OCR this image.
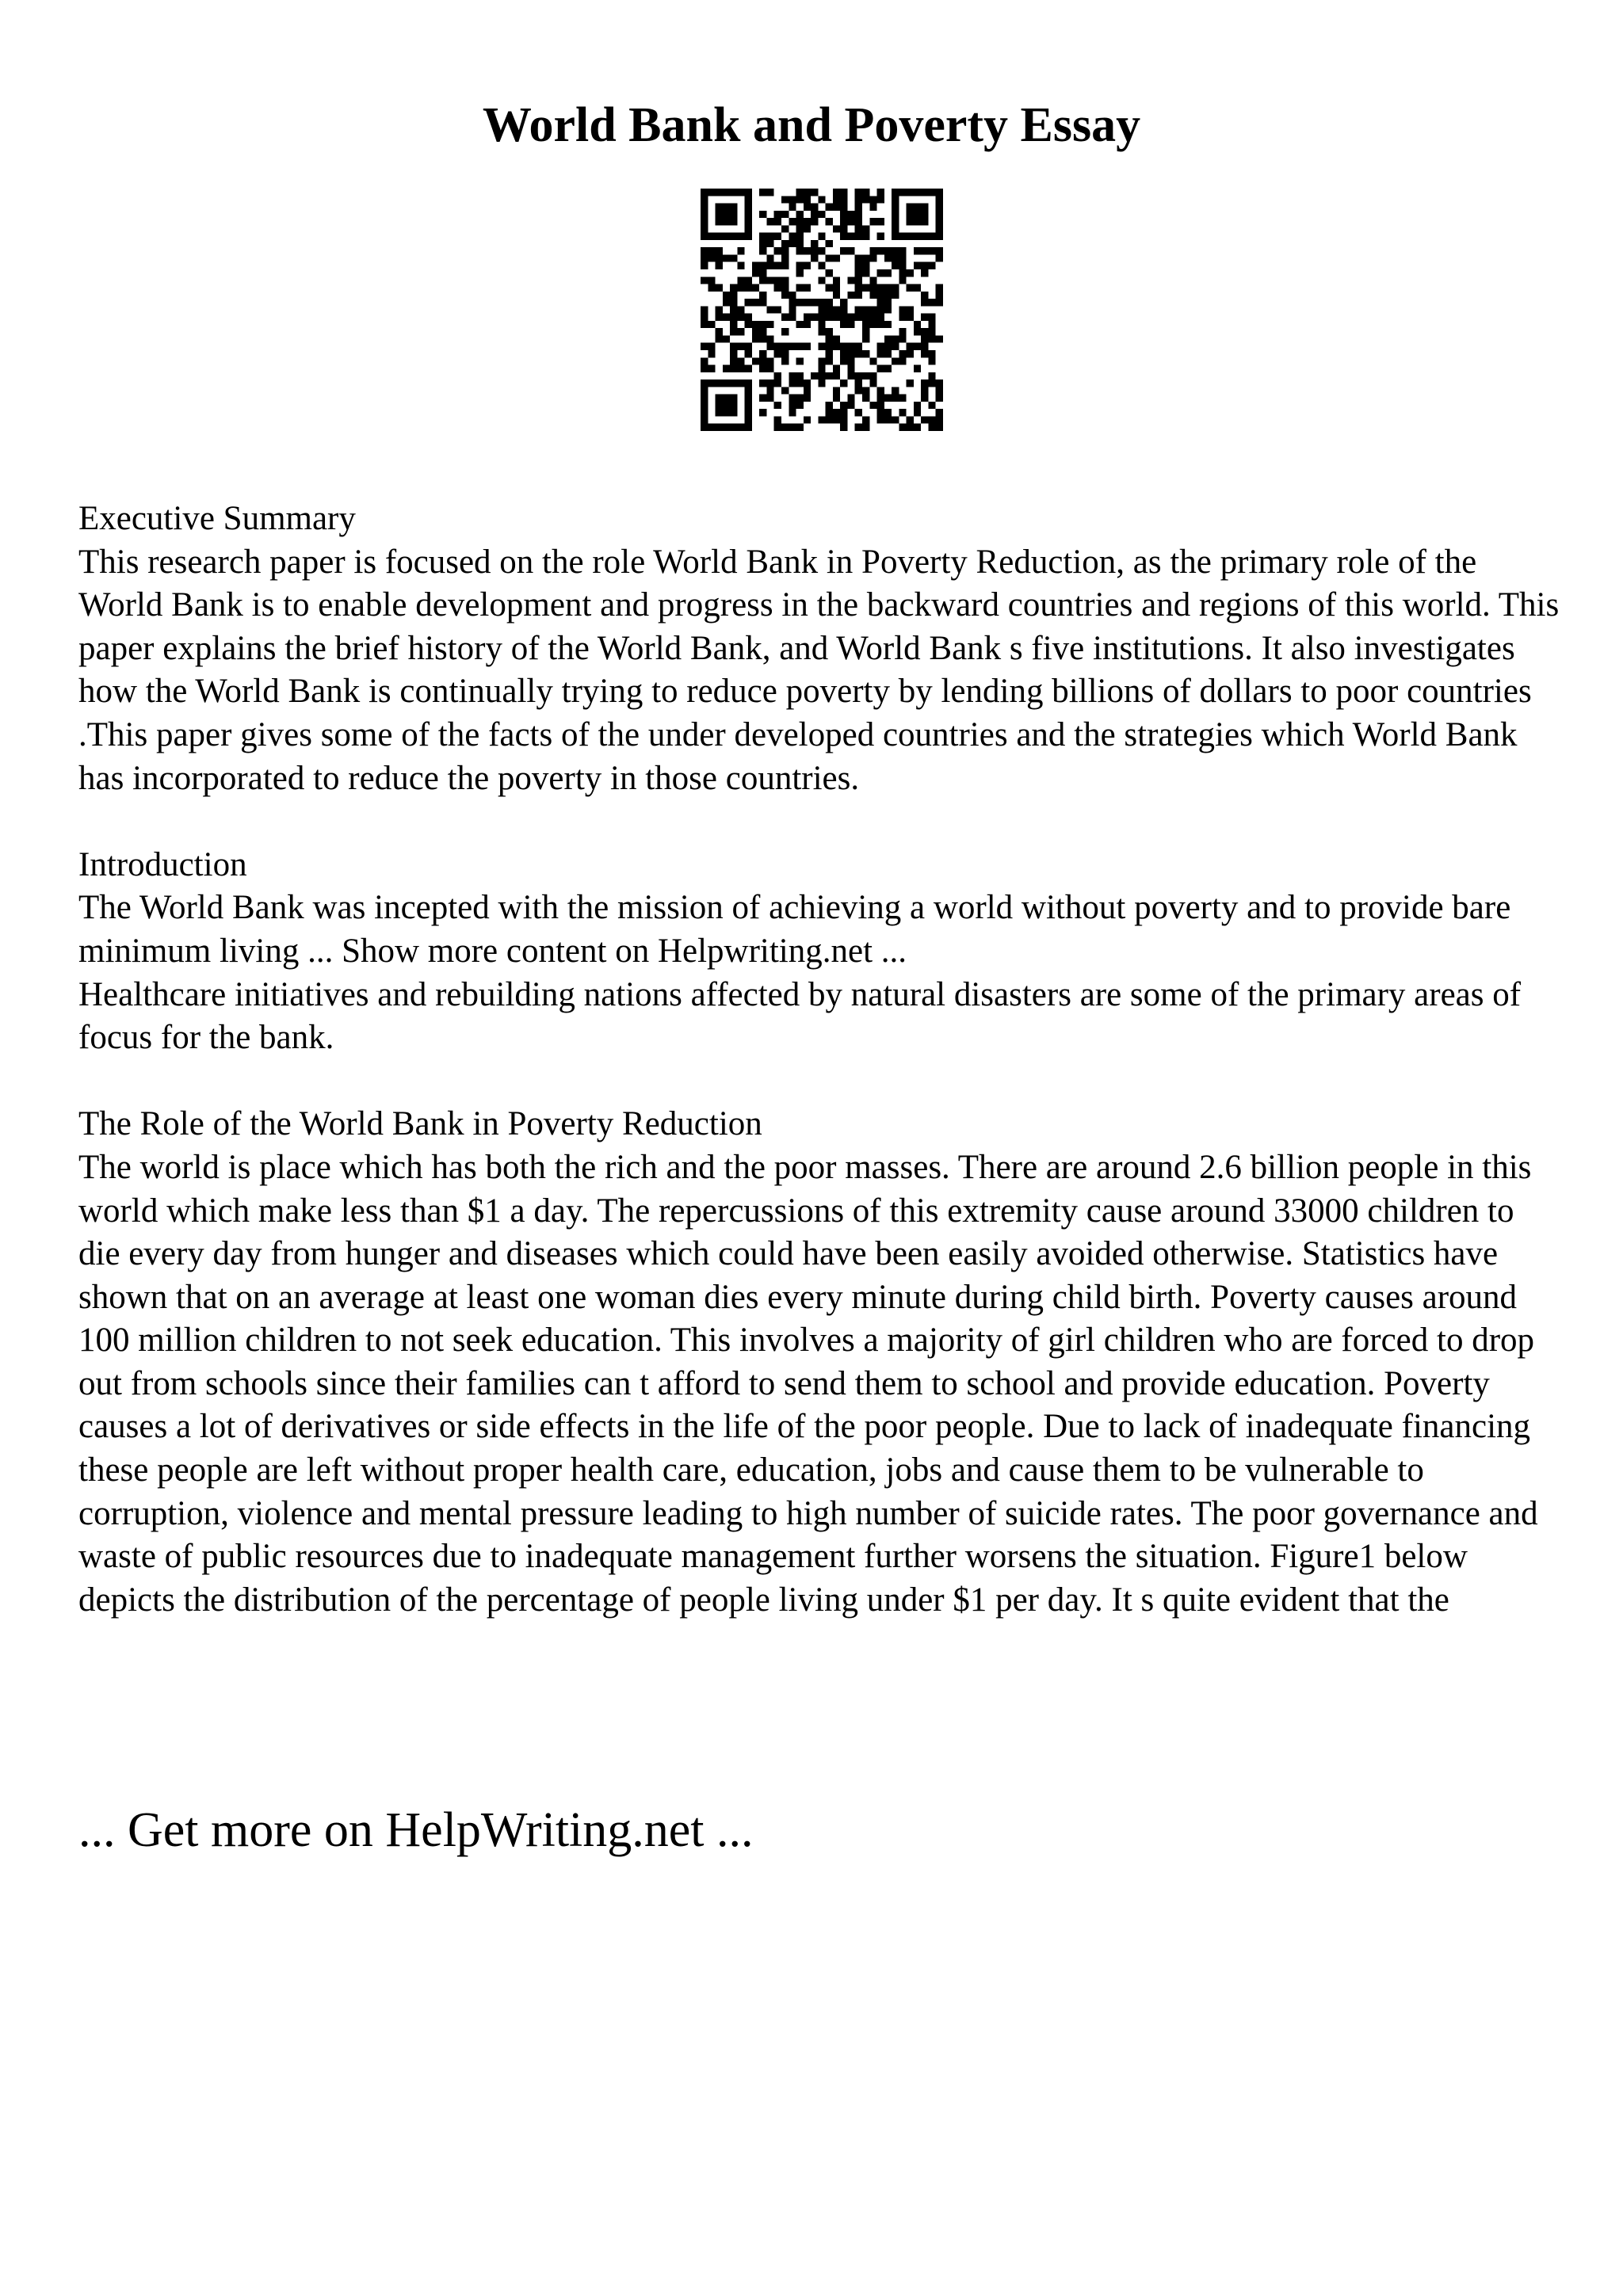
World Bank and Poverty Essay

Executive Summary

This research paper is focused on the role World Bank in Poverty Reduction, as the primary role of the World Bank is to enable development and progress in the backward countries and regions of this world. This paper explains the brief history of the World Bank, and World Bank s five institutions. It also investigates how the World Bank is continually trying to reduce poverty by lending billions of dollars to poor countries .This paper gives some of the facts of the under developed countries and the strategies which World Bank has incorporated to reduce the poverty in those countries.

Introduction

The World Bank was incepted with the mission of achieving a world without poverty and to provide bare minimum living ... Show more content on Helpwriting.net ...

Healthcare initiatives and rebuilding nations affected by natural disasters are some of the primary areas of focus for the bank.

The Role of the World Bank in Poverty Reduction

The world is place which has both the rich and the poor masses. There are around 2.6 billion people in this world which make less than $1 a day. The repercussions of this extremity cause around 33000 children to die every day from hunger and diseases which could have been easily avoided otherwise. Statistics have shown that on an average at least one woman dies every minute during child birth. Poverty causes around 100 million children to not seek education. This involves a majority of girl children who are forced to drop out from schools since their families can t afford to send them to school and provide education. Poverty causes a lot of derivatives or side effects in the life of the poor people. Due to lack of inadequate financing these people are left without proper health care, education, jobs and cause them to be vulnerable to corruption, violence and mental pressure leading to high number of suicide rates. The poor governance and waste of public resources due to inadequate management further worsens the situation. Figure1 below depicts the distribution of the percentage of people living under $1 per day. It s quite evident that the

... Get more on HelpWriting.net ...
